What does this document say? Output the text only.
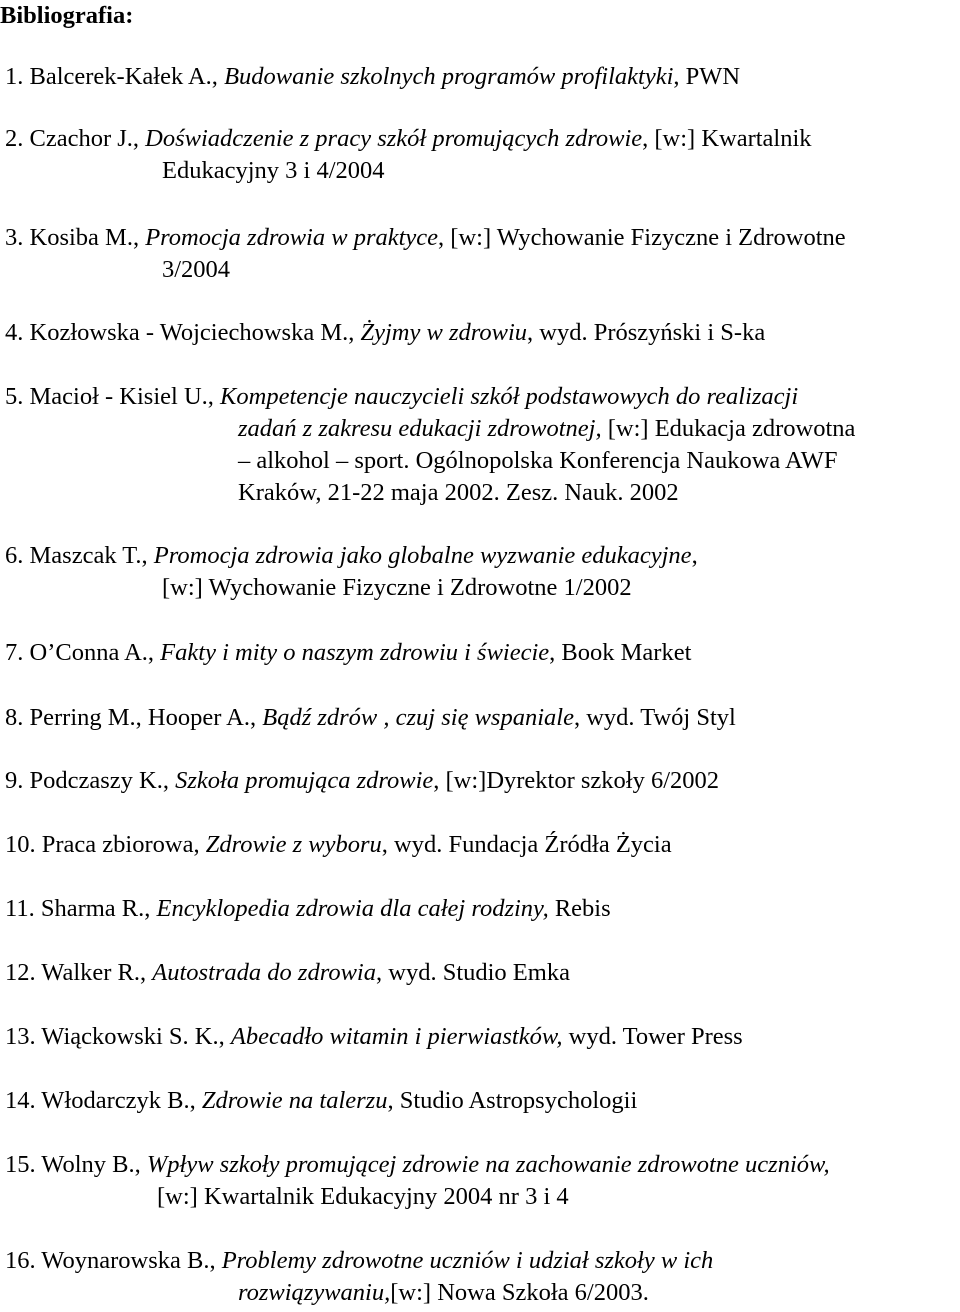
Bibliografia:
1. Balcerek-Kałek A., Budowanie szkolnych programów profilaktyki, PWN
2. Czachor J., Doświadczenie z pracy szkół promujących zdrowie, [w:] Kwartalnik
Edukacyjny 3 i 4/2004
3. Kosiba M., Promocja zdrowia w praktyce, [w:] Wychowanie Fizyczne i Zdrowotne
3/2004
4. Kozłowska - Wojciechowska M., Żyjmy w zdrowiu, wyd. Prószyński i S-ka
5. Macioł - Kisiel U., Kompetencje nauczycieli szkół podstawowych do realizacji
zadań z zakresu edukacji zdrowotnej, [w:] Edukacja zdrowotna
– alkohol – sport. Ogólnopolska Konferencja Naukowa AWF
Kraków, 21-22 maja 2002. Zesz. Nauk. 2002
6. Maszcak T., Promocja zdrowia jako globalne wyzwanie edukacyjne,
[w:] Wychowanie Fizyczne i Zdrowotne 1/2002
7. O’Conna A., Fakty i mity o naszym zdrowiu i świecie, Book Market
8. Perring M., Hooper A., Bądź zdrów , czuj się wspaniale, wyd. Twój Styl
9. Podczaszy K., Szkoła promująca zdrowie, [w:]Dyrektor szkoły 6/2002
10. Praca zbiorowa, Zdrowie z wyboru, wyd. Fundacja Źródła Życia
11. Sharma R., Encyklopedia zdrowia dla całej rodziny, Rebis
12. Walker R., Autostrada do zdrowia, wyd. Studio Emka
13. Wiąckowski S. K., Abecadło witamin i pierwiastków, wyd. Tower Press
14. Włodarczyk B., Zdrowie na talerzu, Studio Astropsychologii
15. Wolny B., Wpływ szkoły promującej zdrowie na zachowanie zdrowotne uczniów,
[w:] Kwartalnik Edukacyjny 2004 nr 3 i 4
16. Woynarowska B., Problemy zdrowotne uczniów i udział szkoły w ich
rozwiązywaniu,[w:] Nowa Szkoła 6/2003.
